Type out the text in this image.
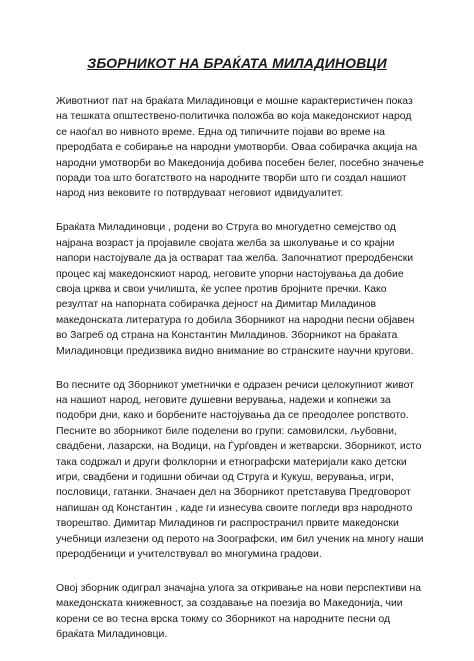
ЗБОРНИКОТ НА БРАЌАТА МИЛАДИНОВЦИ

Животниот пат на браќата Миладиновци е мошне карактеристичен показ на тешката општествено-политичка положба во која македонскиот народ се наоѓал во нивното време. Една од типичните појави во време на преродбата е собирање на народни умотворби. Оваа собирачка акција на народни умотворби во Македонија добива посебен белег, посебно значење поради тоа што богатството на народните творби што ги создал нашиот народ низ вековите го потврдуваат неговиот идвидуалитет.

Браќата Миладиновци , родени во Струга во многудетно семејство од најрана возраст ја пројавиле својата желба за школување и со крајни напори настојувале да ја остварат таа желба. Започнатиот преродбенски процес кај македонскиот народ, неговите упорни настојувања да добие своја црква и свои училишта, ќе успее против бројните пречки. Како резултат на напорната собирачка дејност на Димитар Миладинов македонската литература го добила Зборникот на народни песни објавен во Загреб од страна на Константин Миладинов. Зборникот на браќата Миладиновци предизвика видно внимание во странските научни кругови.

Во песните од Зборникот уметнички е одразен речиси целокупниот живот на нашиот народ, неговите душевни верувања, надежи и копнежи за подобри дни, како и борбените настојувања да се преодолее ропството. Песните во зборникот биле поделени во групи: самовилски, љубовни, свадбени, лазарски, на Водици, на Ѓурѓовден и жетварски. Зборникот, исто така содржал и други фолклорни и етнографски материјали како детски игри, свадбени и годишни обичаи од Струга и Кукуш, верувања, игри, пословици, гатанки. Значаен дел на Зборникот претставува Предговорот напишан од Константин , каде ги изнесува своите погледи врз народното творештво. Димитар Миладинов ги распространил првите македонски учебници излезени од перото на Зоографски, им бил ученик на многу наши преродбеници и учителствувал во многумина градови.

Овој зборник одиграл значајна улога за откривање на нови перспективи на македонската книжевност, за создавање на поезија во Македонија, чии корени се во тесна врска токму со Зборникот на народните песни од браќата Миладиновци.
